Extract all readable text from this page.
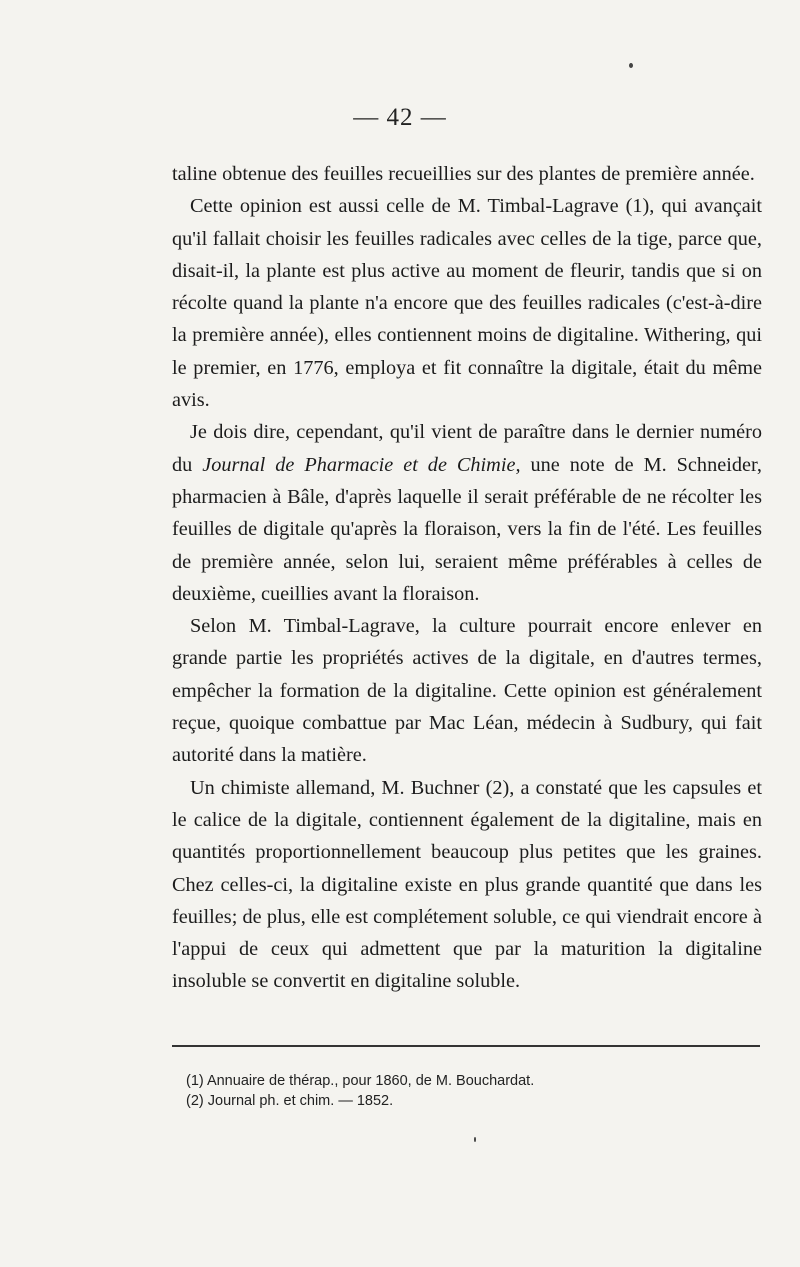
— 42 —

taline obtenue des feuilles recueillies sur des plantes de première année.

Cette opinion est aussi celle de M. Timbal-Lagrave (1), qui avançait qu'il fallait choisir les feuilles radicales avec celles de la tige, parce que, disait-il, la plante est plus active au moment de fleurir, tandis que si on récolte quand la plante n'a encore que des feuilles radicales (c'est-à-dire la première année), elles contiennent moins de digitaline. Withering, qui le premier, en 1776, employa et fit connaître la digitale, était du même avis.

Je dois dire, cependant, qu'il vient de paraître dans le dernier numéro du Journal de Pharmacie et de Chimie, une note de M. Schneider, pharmacien à Bâle, d'après laquelle il serait préférable de ne récolter les feuilles de digitale qu'après la floraison, vers la fin de l'été. Les feuilles de première année, selon lui, seraient même préférables à celles de deuxième, cueillies avant la floraison.

Selon M. Timbal-Lagrave, la culture pourrait encore enlever en grande partie les propriétés actives de la digitale, en d'autres termes, empêcher la formation de la digitaline. Cette opinion est généralement reçue, quoique combattue par Mac Léan, médecin à Sudbury, qui fait autorité dans la matière.

Un chimiste allemand, M. Buchner (2), a constaté que les capsules et le calice de la digitale, contiennent également de la digitaline, mais en quantités proportionnellement beaucoup plus petites que les graines. Chez celles-ci, la digitaline existe en plus grande quantité que dans les feuilles; de plus, elle est complétement soluble, ce qui viendrait encore à l'appui de ceux qui admettent que par la maturition la digitaline insoluble se convertit en digitaline soluble.

(1) Annuaire de thérap., pour 1860, de M. Bouchardat.

(2) Journal ph. et chim. — 1852.
